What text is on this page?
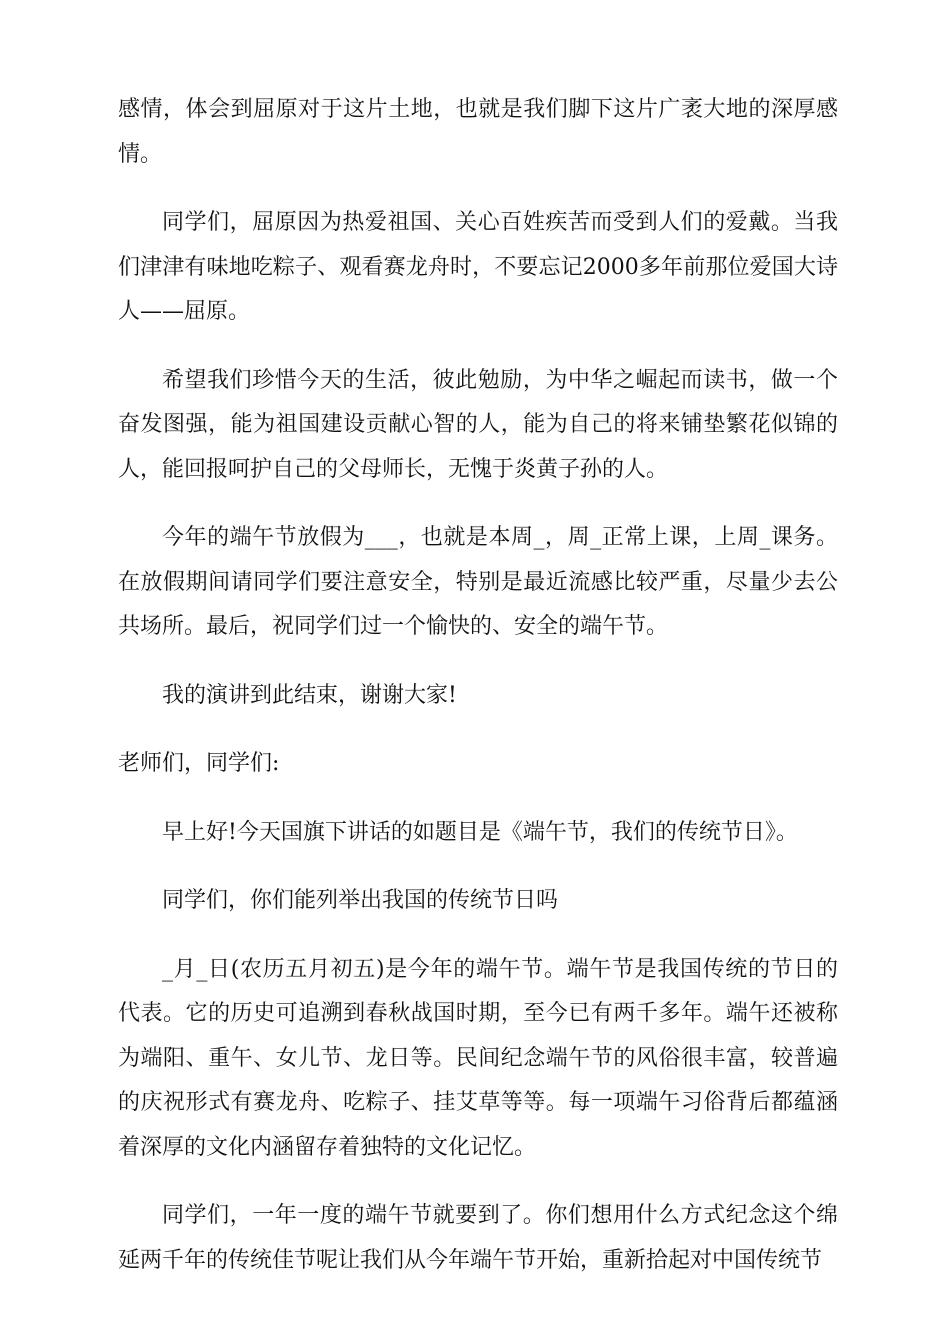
感情，体会到屈原对于这片土地，也就是我们脚下这片广袤大地的深厚感情。

同学们，屈原因为热爱祖国、关心百姓疾苦而受到人们的爱戴。当我们津津有味地吃粽子、观看赛龙舟时，不要忘记2000多年前那位爱国大诗人——屈原。

希望我们珍惜今天的生活，彼此勉励，为中华之崛起而读书，做一个奋发图强，能为祖国建设贡献心智的人，能为自己的将来铺垫繁花似锦的人，能回报呵护自己的父母师长，无愧于炎黄子孙的人。

今年的端午节放假为___，也就是本周_，周_正常上课，上周_课务。在放假期间请同学们要注意安全，特别是最近流感比较严重，尽量少去公共场所。最后，祝同学们过一个愉快的、安全的端午节。

我的演讲到此结束，谢谢大家!

老师们，同学们:

早上好!今天国旗下讲话的如题目是《端午节，我们的传统节日》。

同学们，你们能列举出我国的传统节日吗

_月_日(农历五月初五)是今年的端午节。端午节是我国传统的节日的代表。它的历史可追溯到春秋战国时期，至今已有两千多年。端午还被称为端阳、重午、女儿节、龙日等。民间纪念端午节的风俗很丰富，较普遍的庆祝形式有赛龙舟、吃粽子、挂艾草等等。每一项端午习俗背后都蕴涵着深厚的文化内涵留存着独特的文化记忆。

同学们，一年一度的端午节就要到了。你们想用什么方式纪念这个绵延两千年的传统佳节呢让我们从今年端午节开始，重新拾起对中国传统节
